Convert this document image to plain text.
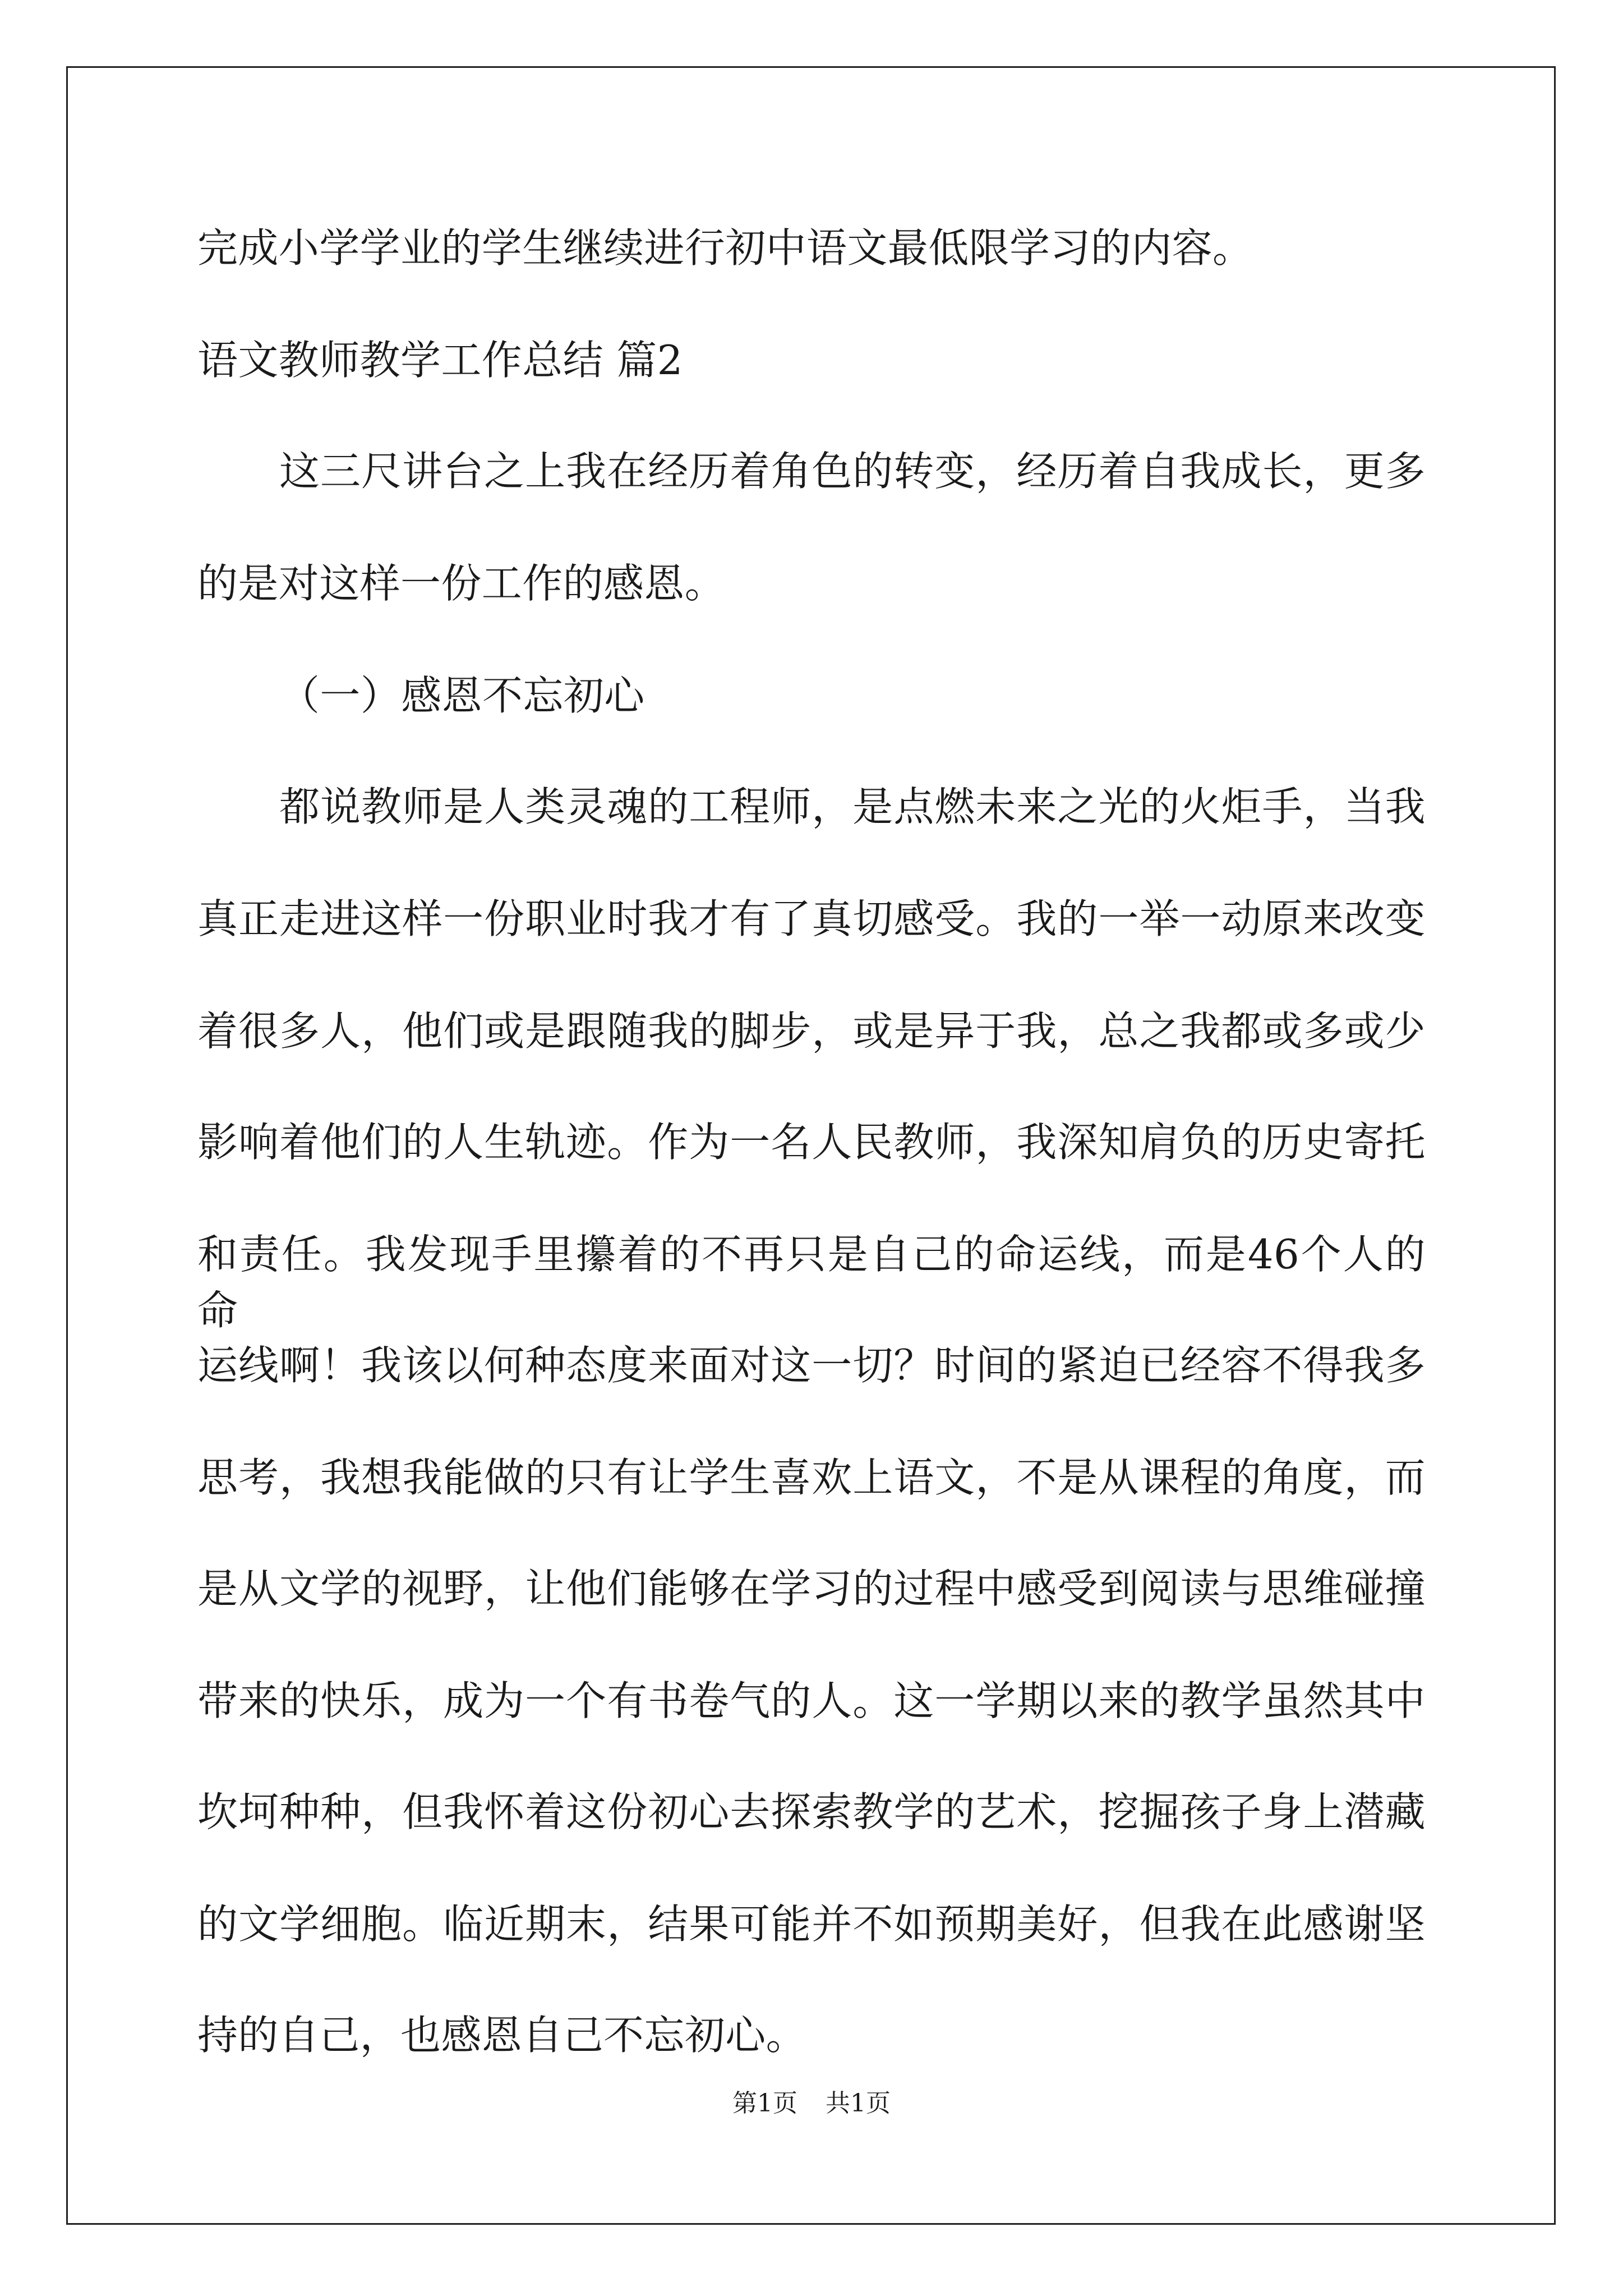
完成小学学业的学生继续进行初中语文最低限学习的内容。
语文教师教学工作总结 篇2
这三尺讲台之上我在经历着角色的转变，经历着自我成长，更多
的是对这样一份工作的感恩。
（一）感恩不忘初心
都说教师是人类灵魂的工程师，是点燃未来之光的火炬手，当我
真正走进这样一份职业时我才有了真切感受。我的一举一动原来改变
着很多人，他们或是跟随我的脚步，或是异于我，总之我都或多或少
影响着他们的人生轨迹。作为一名人民教师，我深知肩负的历史寄托
和责任。我发现手里攥着的不再只是自己的命运线，而是46个人的命
运线啊！我该以何种态度来面对这一切？时间的紧迫已经容不得我多
思考，我想我能做的只有让学生喜欢上语文，不是从课程的角度，而
是从文学的视野，让他们能够在学习的过程中感受到阅读与思维碰撞
带来的快乐，成为一个有书卷气的人。这一学期以来的教学虽然其中
坎坷种种，但我怀着这份初心去探索教学的艺术，挖掘孩子身上潜藏
的文学细胞。临近期末，结果可能并不如预期美好，但我在此感谢坚
持的自己，也感恩自己不忘初心。
第1页 共1页
